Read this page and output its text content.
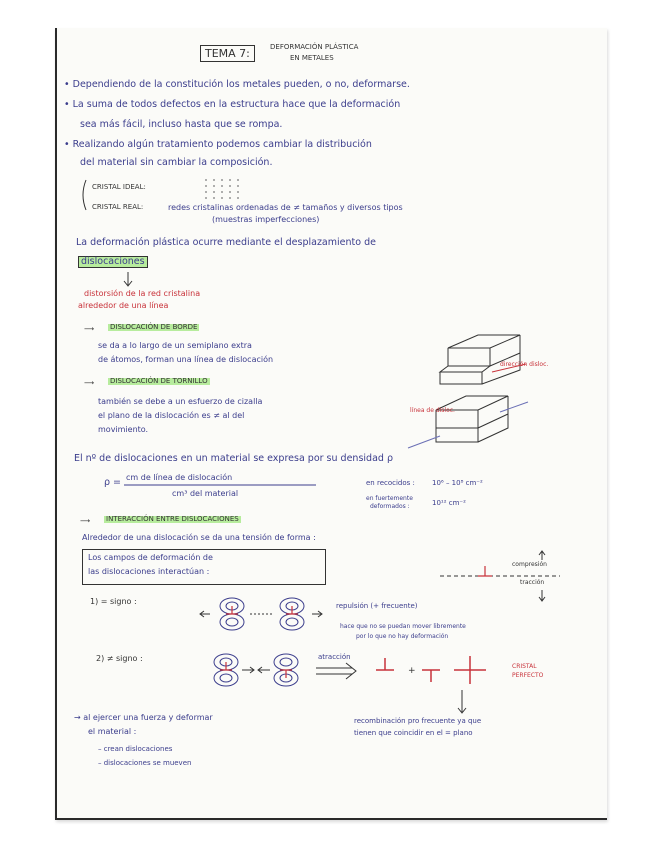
TEMA 7:	DEFORMACIÓN PLÁSTICA
EN METALES
• Dependiendo de la constitución los metales pueden, o no, deformarse.
• La suma de todos defectos en la estructura hace que la deformación
sea más fácil, incluso hasta que se rompa.
• Realizando algún tratamiento podemos cambiar la distribución
del material sin cambiar la composición.
CRISTAL IDEAL:
CRISTAL REAL:	redes cristalinas ordenadas de ≠ tamaños y diversos tipos
(muestras imperfecciones)
La deformación plástica ocurre mediante el desplazamiento de
dislocaciones
distorsión de la red cristalina
alrededor de una línea
⟶ DISLOCACIÓN DE BORDE
se da a lo largo de un semiplano extra
de átomos, forman una línea de dislocación
dirección disloc.
⟶ DISLOCACIÓN DE TORNILLO
también se debe a un esfuerzo de cizalla
el plano de la dislocación es ≠ al del
movimiento.
línea de disloc.
El nº de dislocaciones en un material se expresa por su densidad ρ
ρ = cm de línea de dislocación
cm³ del material
en recocidos : 10⁶ – 10⁸ cm⁻²
en fuertemente
deformados :	10¹² cm⁻²
⟶ INTERACCIÓN ENTRE DISLOCACIONES
Alrededor de una dislocación se da una tensión de forma :
Los campos de deformación de
las dislocaciones interactúan :
compresión
tracción
1) = signo :	repulsión (+ frecuente)
hace que no se puedan mover libremente
por lo que no hay deformación
2) ≠ signo :
+
atracción
CRISTAL
PERFECTO
recombinación pro frecuente ya que
tienen que coincidir en el = plano
→ al ejercer una fuerza y deformar
el material :
– crean dislocaciones
– dislocaciones se mueven
